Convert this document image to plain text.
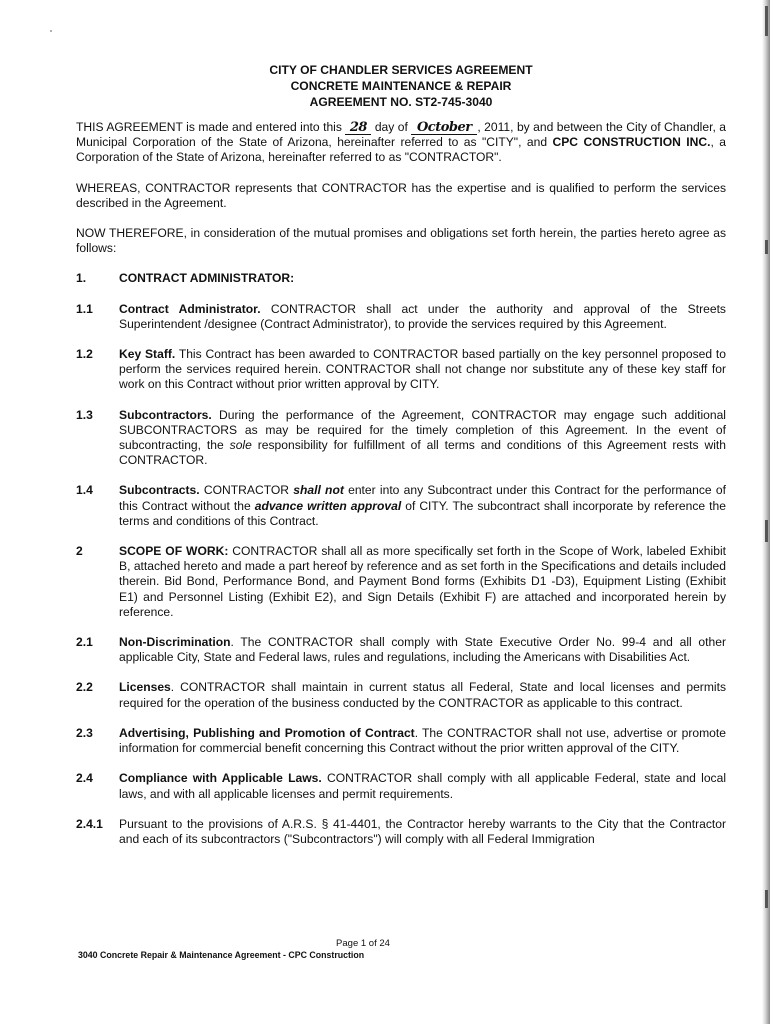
CITY OF CHANDLER SERVICES AGREEMENT
CONCRETE MAINTENANCE & REPAIR
AGREEMENT NO. ST2-745-3040

THIS AGREEMENT is made and entered into this 28 day of October , 2011, by and between the City of Chandler, a Municipal Corporation of the State of Arizona, hereinafter referred to as "CITY", and CPC CONSTRUCTION INC., a Corporation of the State of Arizona, hereinafter referred to as "CONTRACTOR".

WHEREAS, CONTRACTOR represents that CONTRACTOR has the expertise and is qualified to perform the services described in the Agreement.

NOW THEREFORE, in consideration of the mutual promises and obligations set forth herein, the parties hereto agree as follows:

1.	CONTRACT ADMINISTRATOR:
1.1	Contract Administrator. CONTRACTOR shall act under the authority and approval of the Streets Superintendent /designee (Contract Administrator), to provide the services required by this Agreement.
1.2	Key Staff. This Contract has been awarded to CONTRACTOR based partially on the key personnel proposed to perform the services required herein. CONTRACTOR shall not change nor substitute any of these key staff for work on this Contract without prior written approval by CITY.
1.3	Subcontractors. During the performance of the Agreement, CONTRACTOR may engage such additional SUBCONTRACTORS as may be required for the timely completion of this Agreement. In the event of subcontracting, the sole responsibility for fulfillment of all terms and conditions of this Agreement rests with CONTRACTOR.
1.4	Subcontracts. CONTRACTOR shall not enter into any Subcontract under this Contract for the performance of this Contract without the advance written approval of CITY. The subcontract shall incorporate by reference the terms and conditions of this Contract.
2	SCOPE OF WORK: CONTRACTOR shall all as more specifically set forth in the Scope of Work, labeled Exhibit B, attached hereto and made a part hereof by reference and as set forth in the Specifications and details included therein. Bid Bond, Performance Bond, and Payment Bond forms (Exhibits D1 -D3), Equipment Listing (Exhibit E1) and Personnel Listing (Exhibit E2), and Sign Details (Exhibit F) are attached and incorporated herein by reference.
2.1	Non-Discrimination. The CONTRACTOR shall comply with State Executive Order No. 99-4 and all other applicable City, State and Federal laws, rules and regulations, including the Americans with Disabilities Act.
2.2	Licenses. CONTRACTOR shall maintain in current status all Federal, State and local licenses and permits required for the operation of the business conducted by the CONTRACTOR as applicable to this contract.
2.3	Advertising, Publishing and Promotion of Contract. The CONTRACTOR shall not use, advertise or promote information for commercial benefit concerning this Contract without the prior written approval of the CITY.
2.4	Compliance with Applicable Laws. CONTRACTOR shall comply with all applicable Federal, state and local laws, and with all applicable licenses and permit requirements.
2.4.1	Pursuant to the provisions of A.R.S. § 41-4401, the Contractor hereby warrants to the City that the Contractor and each of its subcontractors ("Subcontractors") will comply with all Federal Immigration
Page 1 of 24
3040 Concrete Repair & Maintenance Agreement - CPC Construction
